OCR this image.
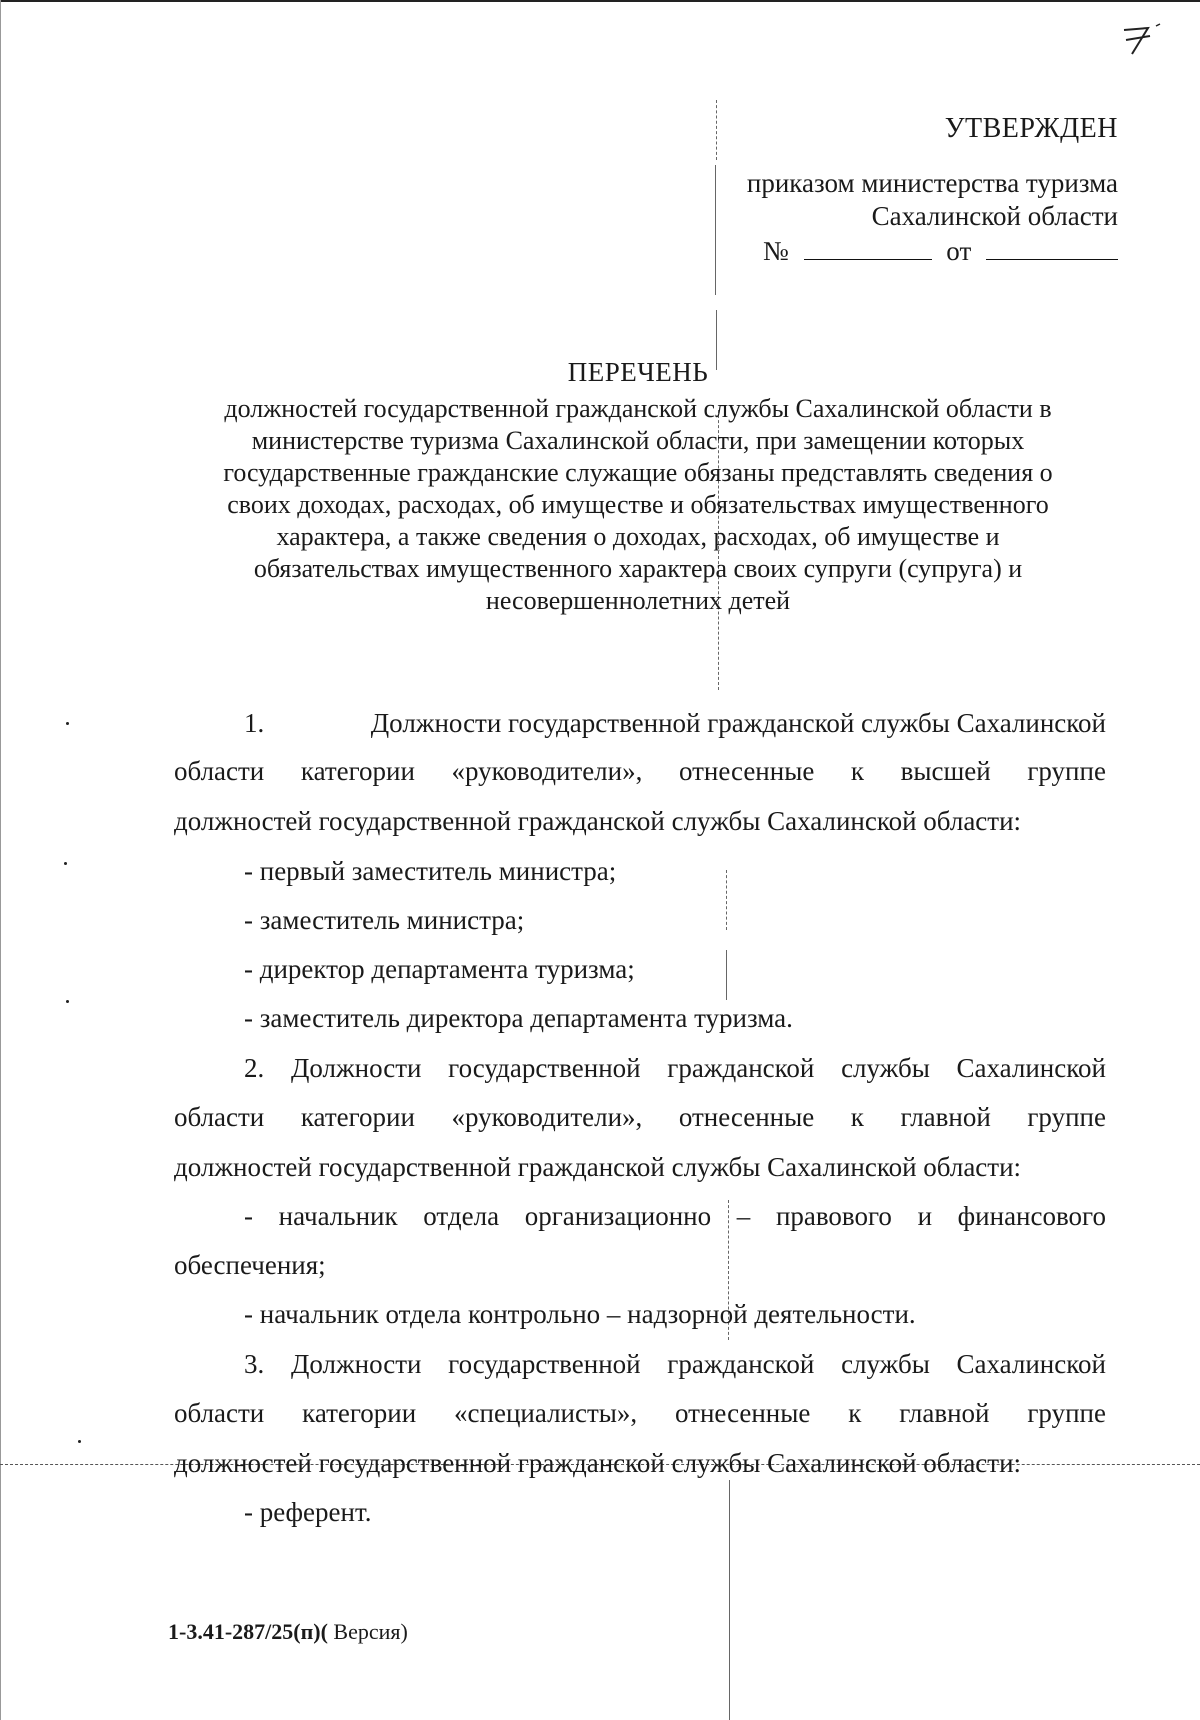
УТВЕРЖДЕН
приказом министерства туризма
Сахалинской области
№	от
ПЕРЕЧЕНЬ
должностей государственной гражданской службы Сахалинской области в
министерстве туризма Сахалинской области, при замещении которых
государственные гражданские служащие обязаны представлять сведения о
своих доходах, расходах, об имуществе и обязательствах имущественного
характера, а также сведения о доходах, расходах, об имуществе и
обязательствах имущественного характера своих супруги (супруга) и
несовершеннолетних детей
1.	Должности государственной гражданской службы Сахалинской
области категории «руководители», отнесенные к высшей группе
должностей государственной гражданской службы Сахалинской области:
- первый заместитель министра;
- заместитель министра;
- директор департамента туризма;
- заместитель директора департамента туризма.
2. Должности государственной гражданской службы Сахалинской
области категории «руководители», отнесенные к главной группе
должностей государственной гражданской службы Сахалинской области:
- начальник отдела организационно – правового и финансового
обеспечения;
- начальник отдела контрольно – надзорной деятельности.
3. Должности государственной гражданской службы Сахалинской
области категории «специалисты», отнесенные к главной группе
должностей государственной гражданской службы Сахалинской области:
- референт.
1-3.41-287/25(п)( Версия)
